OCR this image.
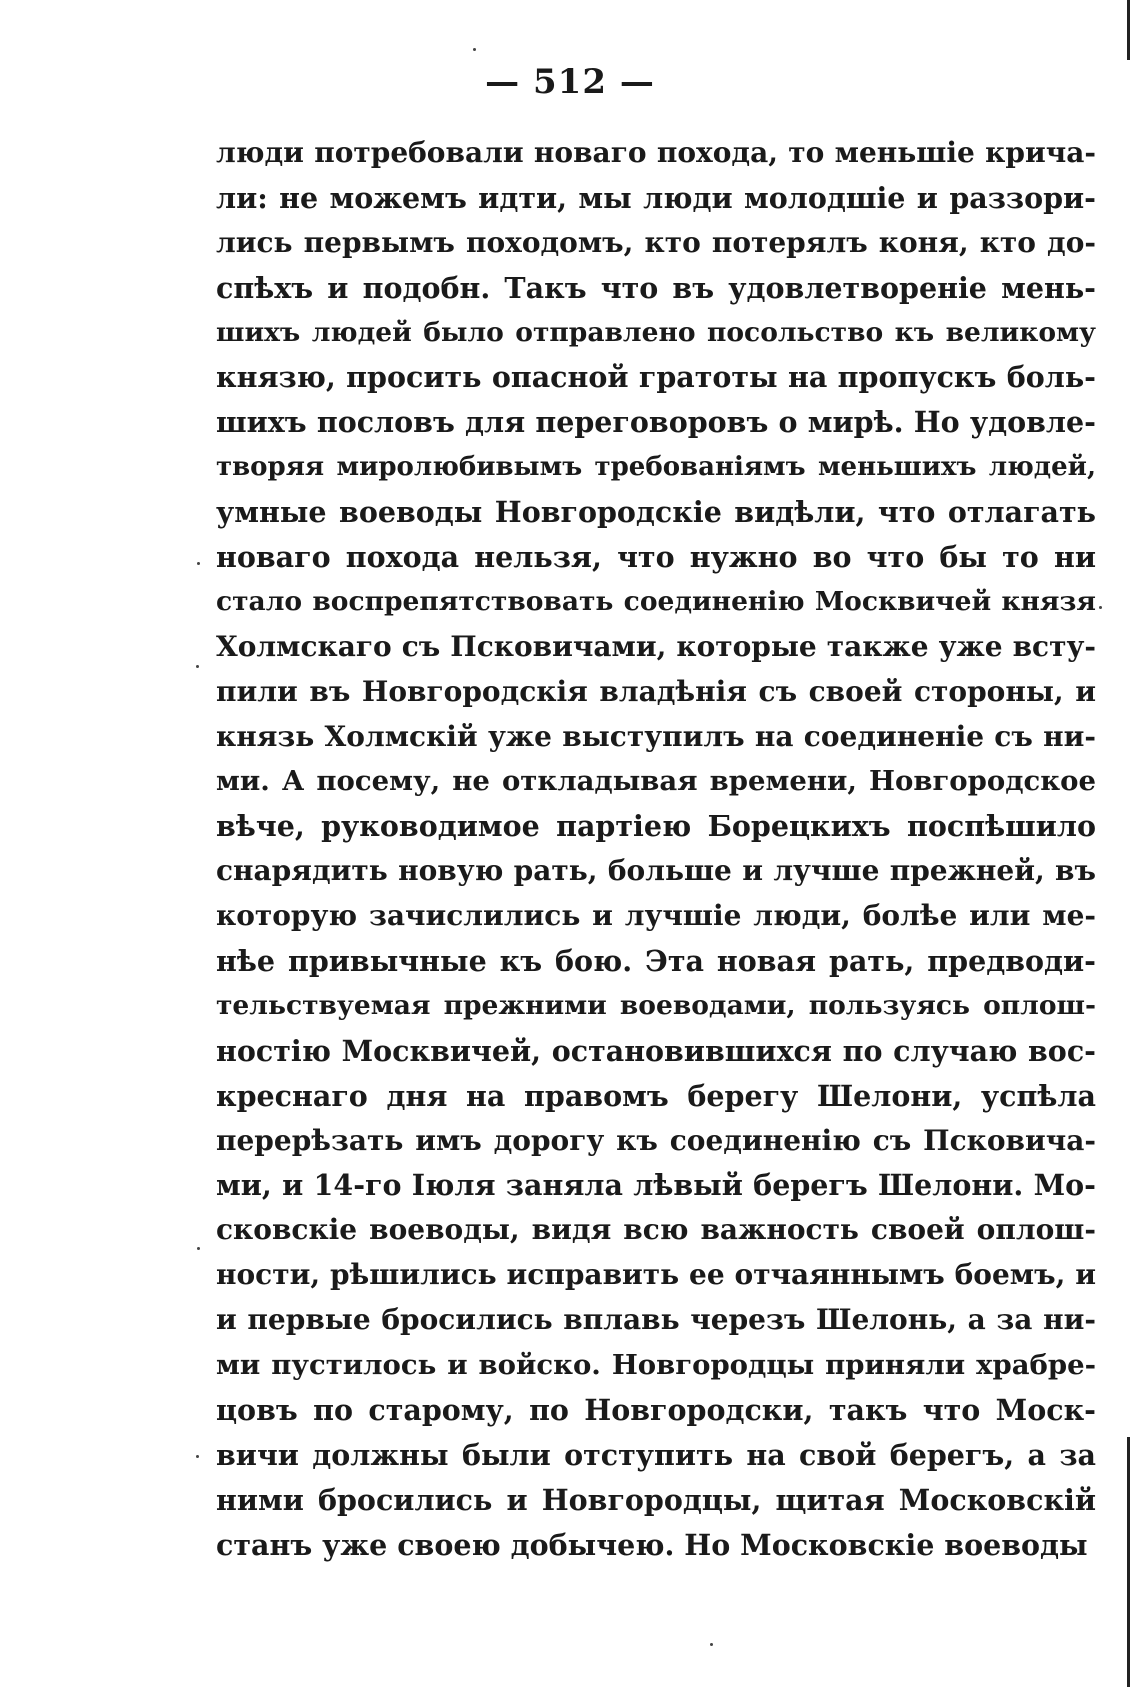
— 512 —
люди потребовали новаго похода, то меньшіе крича-
ли: не можемъ идти, мы люди молодшіе и раззори-
лись первымъ походомъ, кто потерялъ коня, кто до-
спѣхъ и подобн. Такъ что въ удовлетвореніе мень-
шихъ людей было отправлено посольство къ великому
князю, просить опасной гратоты на пропускъ боль-
шихъ пословъ для переговоровъ о мирѣ. Но удовле-
творяя миролюбивымъ требованіямъ меньшихъ людей,
умные воеводы Новгородскіе видѣли, что отлагать
новаго похода нельзя, что нужно во что бы то ни
стало воспрепятствовать соединенію Москвичей князя
Холмскаго съ Псковичами, которые также уже всту-
пили въ Новгородскія владѣнія съ своей стороны, и
князь Холмскій уже выступилъ на соединеніе съ ни-
ми. А посему, не откладывая времени, Новгородское
вѣче, руководимое партіею Борецкихъ поспѣшило
снарядить новую рать, больше и лучше прежней, въ
которую зачислились и лучшіе люди, болѣе или ме-
нѣе привычные къ бою. Эта новая рать, предводи-
тельствуемая прежними воеводами, пользуясь оплош-
ностію Москвичей, остановившихся по случаю вос-
креснаго дня на правомъ берегу Шелони, успѣла
перерѣзать имъ дорогу къ соединенію съ Псковича-
ми, и 14-го Іюля заняла лѣвый берегъ Шелони. Мо-
сковскіе воеводы, видя всю важность своей оплош-
ности, рѣшились исправить ее отчаяннымъ боемъ, и
и первые бросились вплавь черезъ Шелонь, а за ни-
ми пустилось и войско. Новгородцы приняли храбре-
цовъ по старому, по Новгородски, такъ что Моск-
вичи должны были отступить на свой берегъ, а за
ними бросились и Новгородцы, щитая Московскій
станъ уже своею добычею. Но Московскіе воеводы
